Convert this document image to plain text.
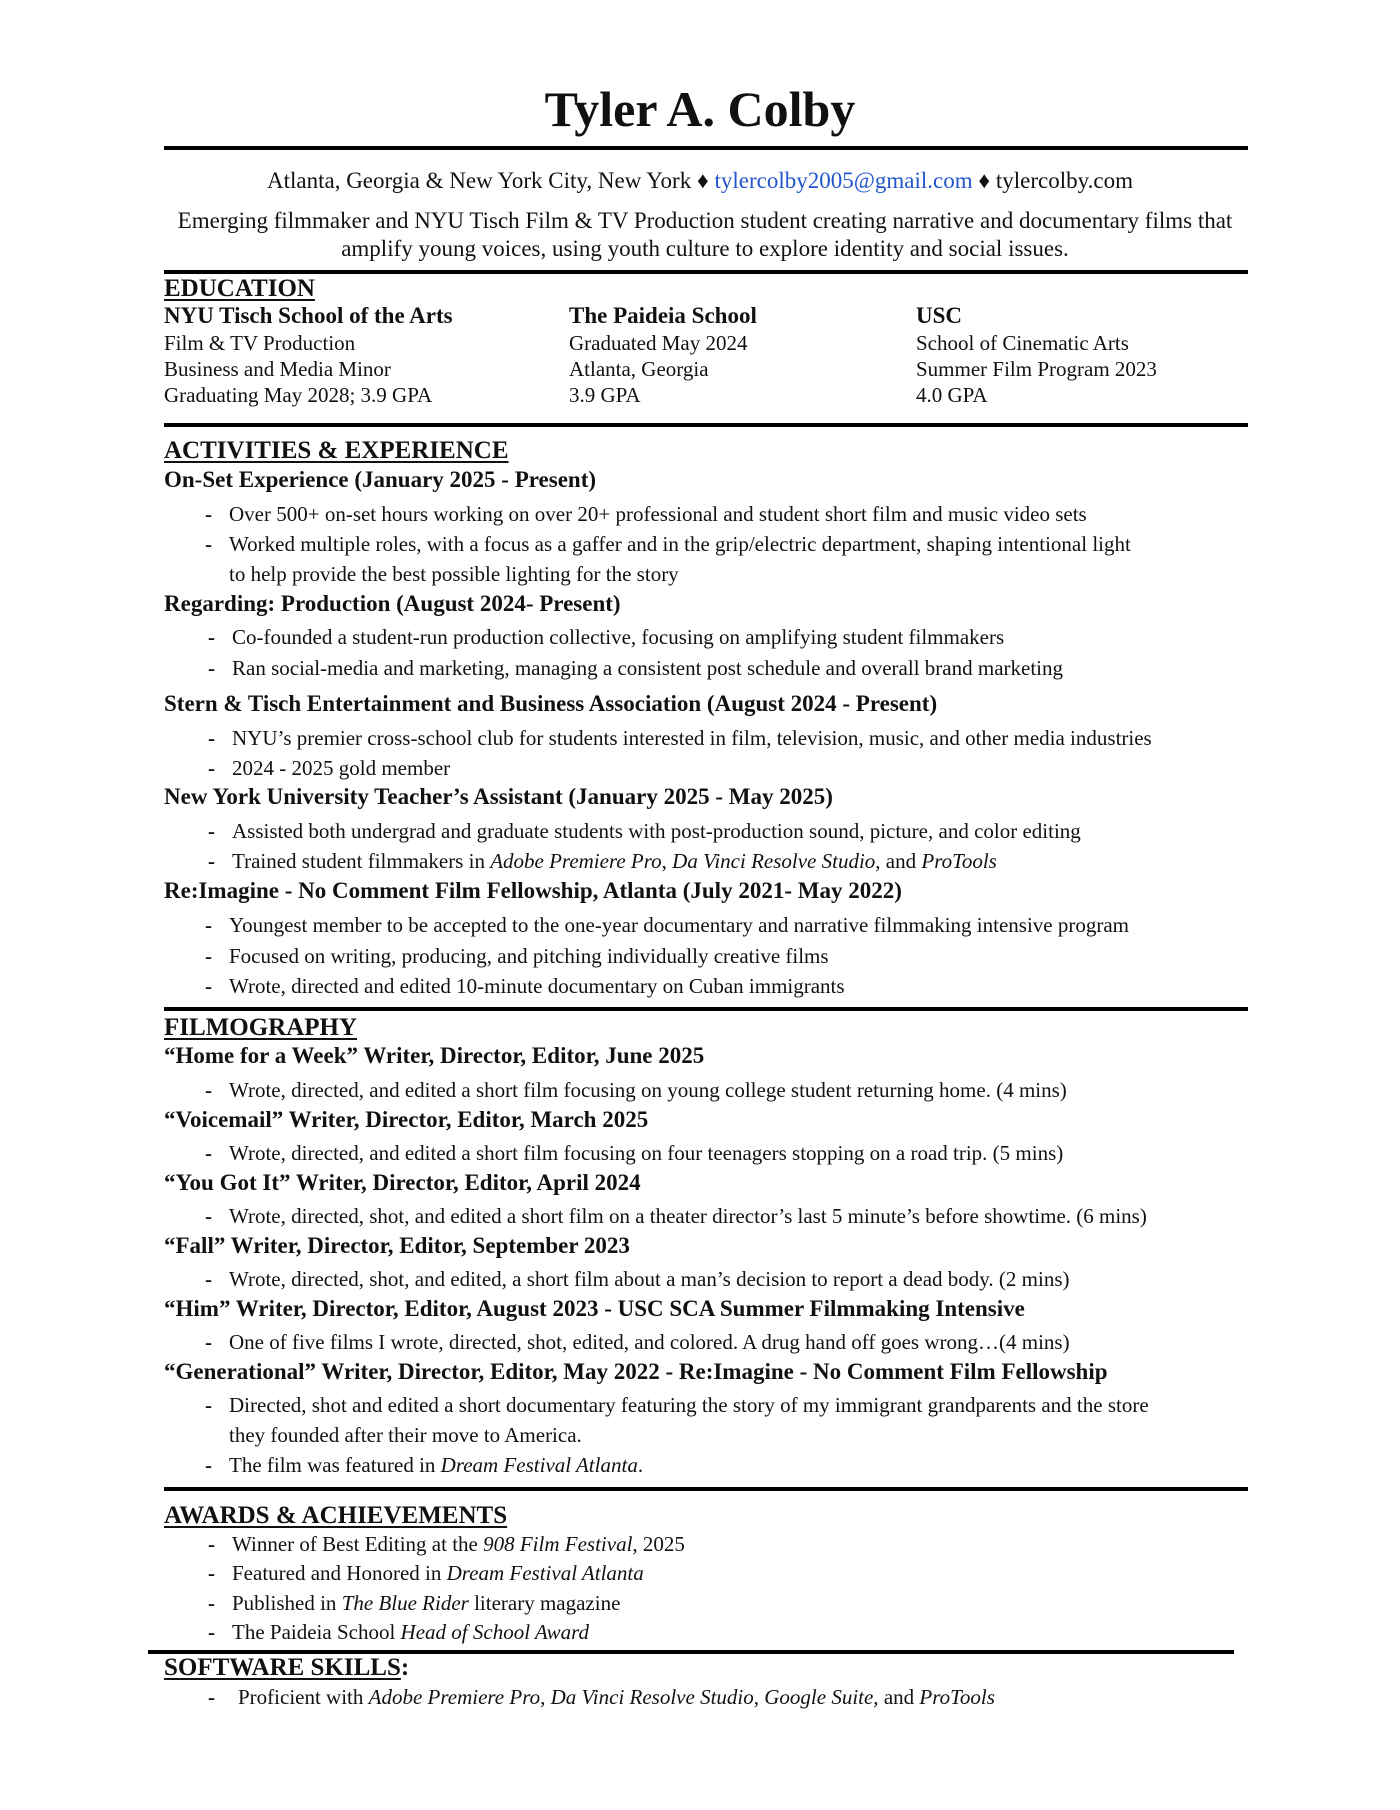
Tyler A. Colby
Atlanta, Georgia & New York City, New York ♦ tylercolby2005@gmail.com ♦ tylercolby.com
Emerging filmmaker and NYU Tisch Film & TV Production student creating narrative and documentary films that amplify young voices, using youth culture to explore identity and social issues.
EDUCATION
NYU Tisch School of the Arts
Film & TV Production
Business and Media Minor
Graduating May 2028; 3.9 GPA
The Paideia School
Graduated May 2024
Atlanta, Georgia
3.9 GPA
USC
School of Cinematic Arts
Summer Film Program 2023
4.0 GPA
ACTIVITIES & EXPERIENCE
On-Set Experience (January 2025 - Present)
- Over 500+ on-set hours working on over 20+ professional and student short film and music video sets
- Worked multiple roles, with a focus as a gaffer and in the grip/electric department, shaping intentional light
to help provide the best possible lighting for the story
Regarding: Production (August 2024- Present)
- Co-founded a student-run production collective, focusing on amplifying student filmmakers
- Ran social-media and marketing, managing a consistent post schedule and overall brand marketing
Stern & Tisch Entertainment and Business Association (August 2024 - Present)
- NYU’s premier cross-school club for students interested in film, television, music, and other media industries
- 2024 - 2025 gold member
New York University Teacher’s Assistant (January 2025 - May 2025)
- Assisted both undergrad and graduate students with post-production sound, picture, and color editing
- Trained student filmmakers in Adobe Premiere Pro, Da Vinci Resolve Studio, and ProTools
Re:Imagine - No Comment Film Fellowship, Atlanta (July 2021- May 2022)
- Youngest member to be accepted to the one-year documentary and narrative filmmaking intensive program
- Focused on writing, producing, and pitching individually creative films
- Wrote, directed and edited 10-minute documentary on Cuban immigrants
FILMOGRAPHY
“Home for a Week” Writer, Director, Editor, June 2025
- Wrote, directed, and edited a short film focusing on young college student returning home. (4 mins)
“Voicemail” Writer, Director, Editor, March 2025
- Wrote, directed, and edited a short film focusing on four teenagers stopping on a road trip. (5 mins)
“You Got It” Writer, Director, Editor, April 2024
- Wrote, directed, shot, and edited a short film on a theater director’s last 5 minute’s before showtime. (6 mins)
“Fall” Writer, Director, Editor, September 2023
- Wrote, directed, shot, and edited, a short film about a man’s decision to report a dead body. (2 mins)
“Him” Writer, Director, Editor, August 2023 - USC SCA Summer Filmmaking Intensive
- One of five films I wrote, directed, shot, edited, and colored. A drug hand off goes wrong…(4 mins)
“Generational” Writer, Director, Editor, May 2022 - Re:Imagine - No Comment Film Fellowship
- Directed, shot and edited a short documentary featuring the story of my immigrant grandparents and the store
they founded after their move to America.
- The film was featured in Dream Festival Atlanta.
AWARDS & ACHIEVEMENTS
- Winner of Best Editing at the 908 Film Festival, 2025
- Featured and Honored in Dream Festival Atlanta
- Published in The Blue Rider literary magazine
- The Paideia School Head of School Award
SOFTWARE SKILLS:
- Proficient with Adobe Premiere Pro, Da Vinci Resolve Studio, Google Suite, and ProTools
